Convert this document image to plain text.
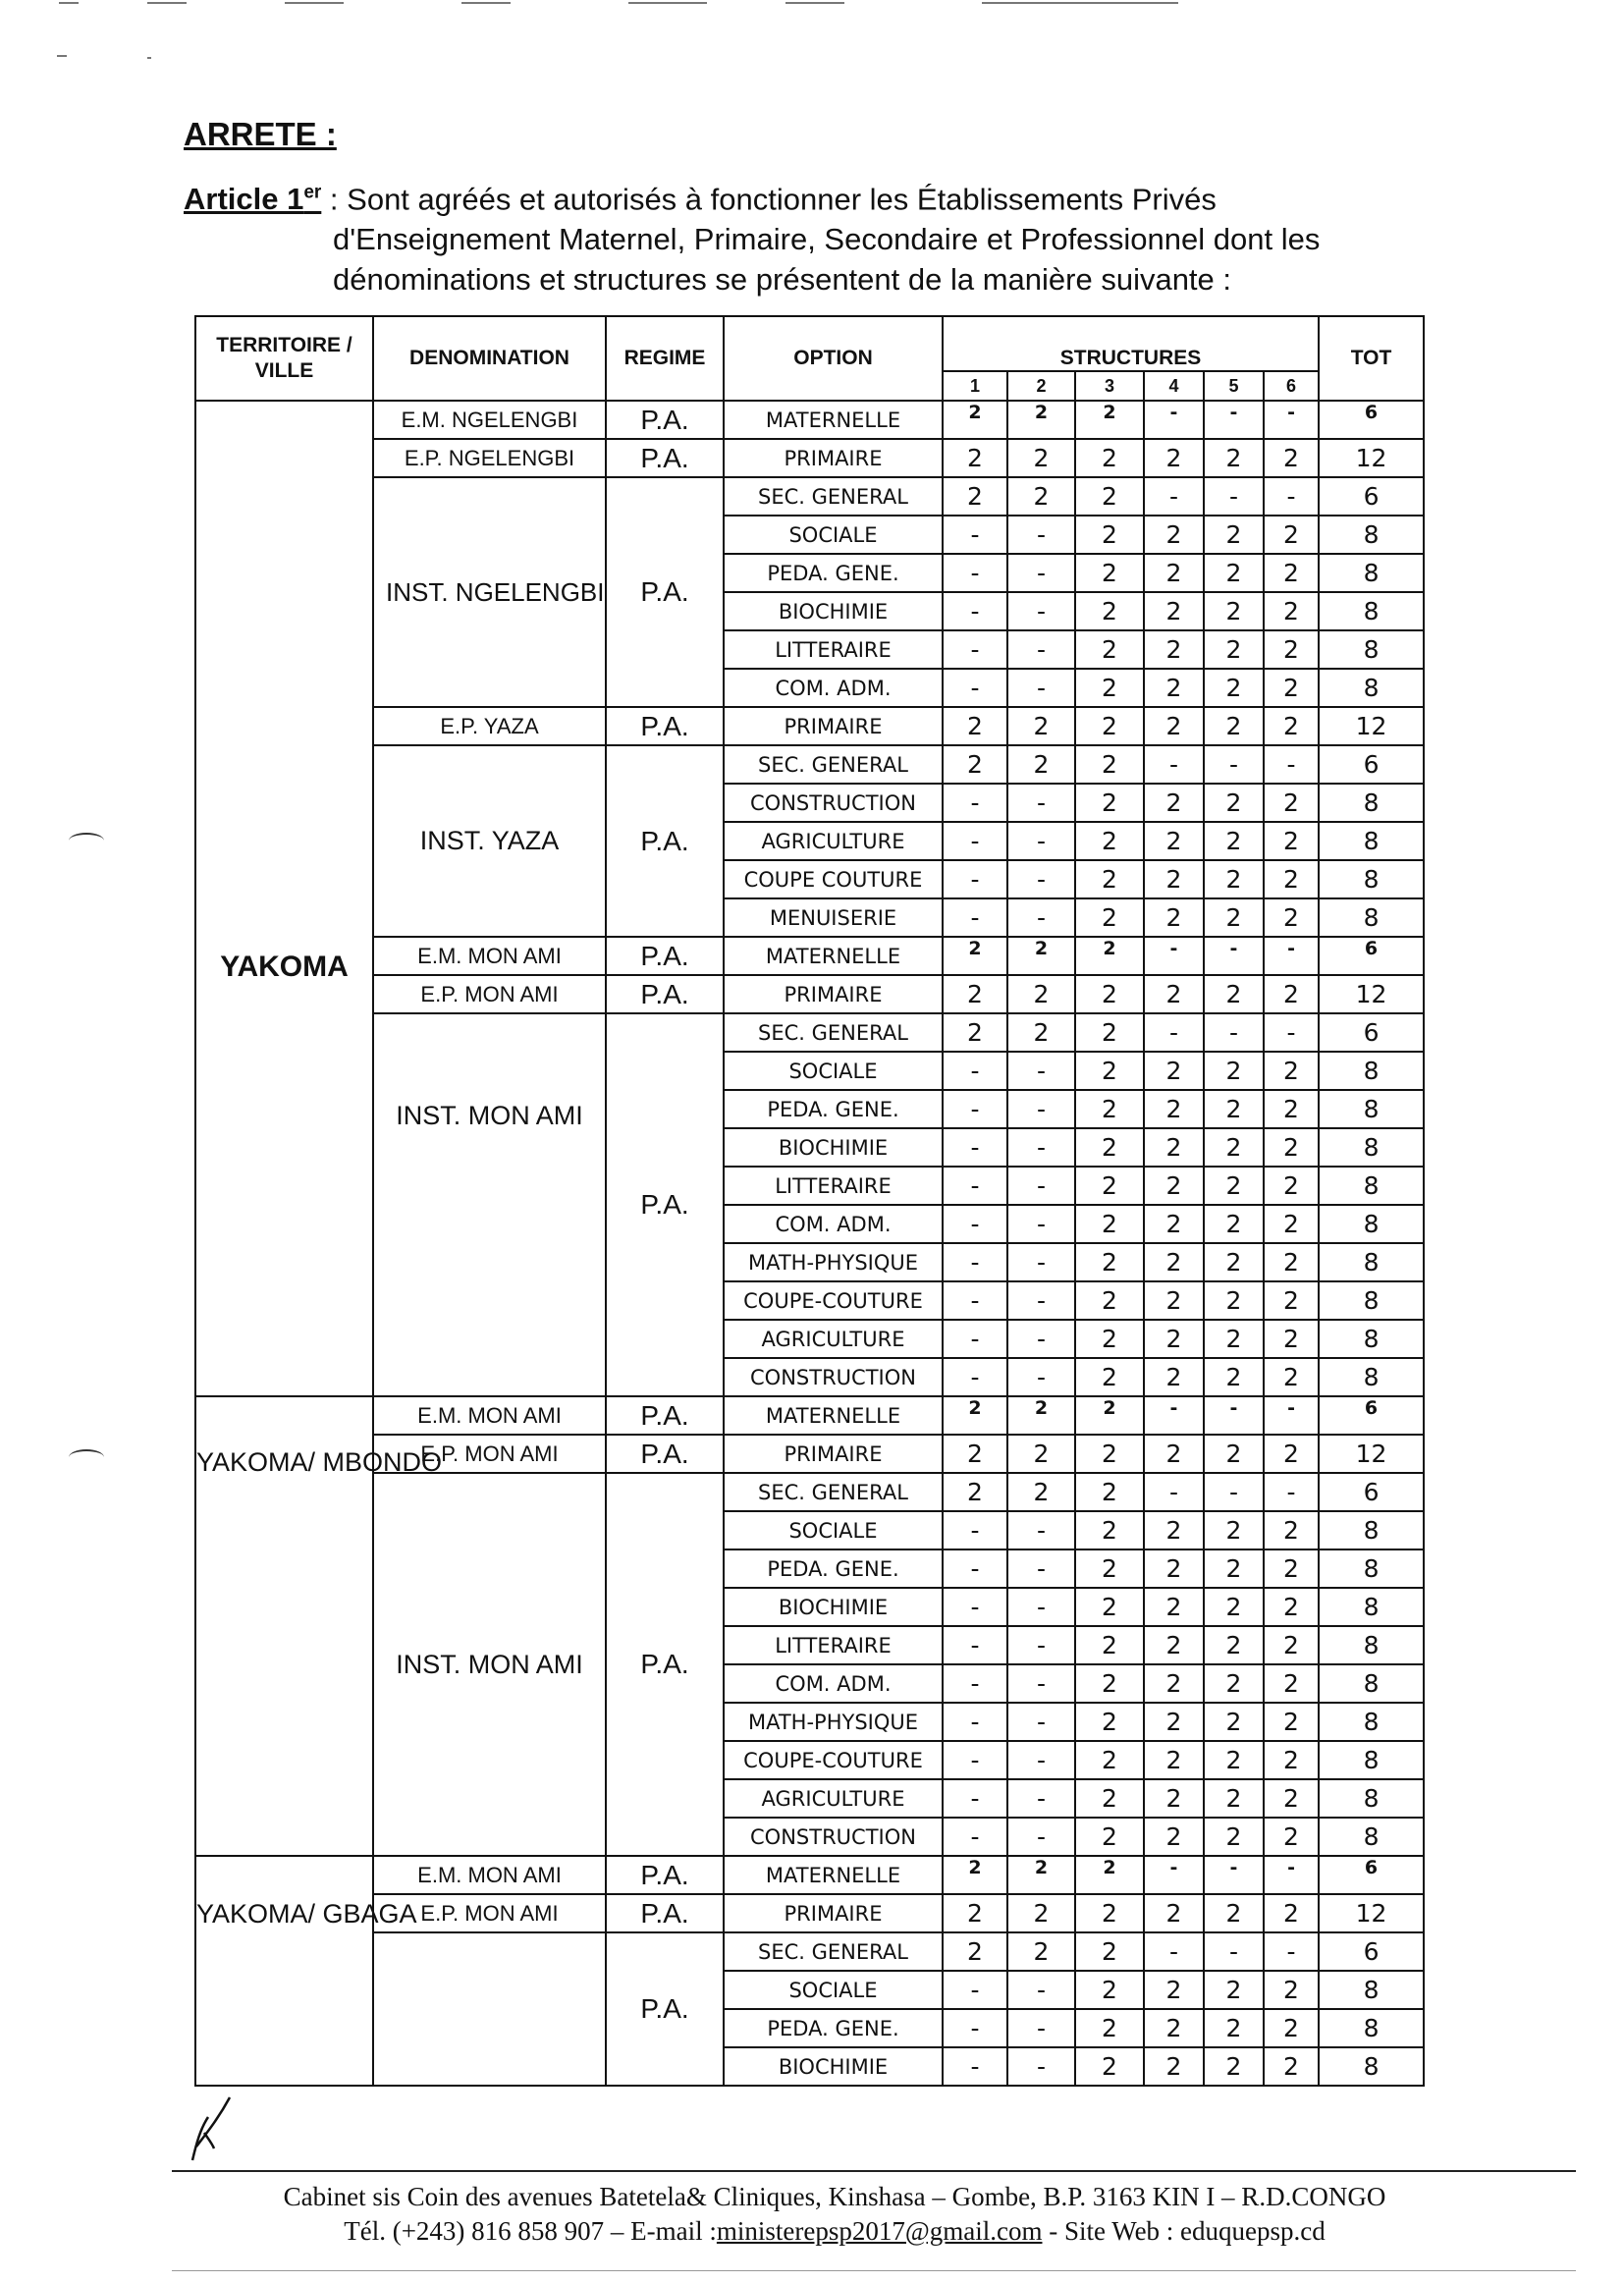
ARRETE :
Article 1er : Sont agréés et autorisés à fonctionner les Établissements Privés
d'Enseignement Maternel, Primaire, Secondaire et Professionnel dont les
dénominations et structures se présentent de la manière suivante :
TERRITOIRE / VILLE	DENOMINATION	REGIME	OPTION	STRUCTURES						TOT
				1	2	3	4	5	6	
YAKOMA	E.M. NGELENGBI	P.A.	MATERNELLE	2	2	2	-	-	-	6
	E.P. NGELENGBI	P.A.	PRIMAIRE	2	2	2	2	2	2	12
	INST. NGELENGBI	P.A.	SEC. GENERAL	2	2	2	-	-	-	6
			SOCIALE	-	-	2	2	2	2	8
			PEDA. GENE.	-	-	2	2	2	2	8
			BIOCHIMIE	-	-	2	2	2	2	8
			LITTERAIRE	-	-	2	2	2	2	8
			COM. ADM.	-	-	2	2	2	2	8
	E.P. YAZA	P.A.	PRIMAIRE	2	2	2	2	2	2	12
	INST. YAZA	P.A.	SEC. GENERAL	2	2	2	-	-	-	6
			CONSTRUCTION	-	-	2	2	2	2	8
			AGRICULTURE	-	-	2	2	2	2	8
			COUPE COUTURE	-	-	2	2	2	2	8
			MENUISERIE	-	-	2	2	2	2	8
	E.M. MON AMI	P.A.	MATERNELLE	2	2	2	-	-	-	6
	E.P. MON AMI	P.A.	PRIMAIRE	2	2	2	2	2	2	12
	INST. MON AMI	P.A.	SEC. GENERAL	2	2	2	-	-	-	6
			SOCIALE	-	-	2	2	2	2	8
			PEDA. GENE.	-	-	2	2	2	2	8
			BIOCHIMIE	-	-	2	2	2	2	8
			LITTERAIRE	-	-	2	2	2	2	8
			COM. ADM.	-	-	2	2	2	2	8
			MATH-PHYSIQUE	-	-	2	2	2	2	8
			COUPE-COUTURE	-	-	2	2	2	2	8
			AGRICULTURE	-	-	2	2	2	2	8
			CONSTRUCTION	-	-	2	2	2	2	8
YAKOMA/ MBONDO	E.M. MON AMI	P.A.	MATERNELLE	2	2	2	-	-	-	6
	E.P. MON AMI	P.A.	PRIMAIRE	2	2	2	2	2	2	12
	INST. MON AMI	P.A.	SEC. GENERAL	2	2	2	-	-	-	6
			SOCIALE	-	-	2	2	2	2	8
			PEDA. GENE.	-	-	2	2	2	2	8
			BIOCHIMIE	-	-	2	2	2	2	8
			LITTERAIRE	-	-	2	2	2	2	8
			COM. ADM.	-	-	2	2	2	2	8
			MATH-PHYSIQUE	-	-	2	2	2	2	8
			COUPE-COUTURE	-	-	2	2	2	2	8
			AGRICULTURE	-	-	2	2	2	2	8
			CONSTRUCTION	-	-	2	2	2	2	8
YAKOMA/ GBAGA	E.M. MON AMI	P.A.	MATERNELLE	2	2	2	-	-	-	6
	E.P. MON AMI	P.A.	PRIMAIRE	2	2	2	2	2	2	12
		P.A.	SEC. GENERAL	2	2	2	-	-	-	6
			SOCIALE	-	-	2	2	2	2	8
			PEDA. GENE.	-	-	2	2	2	2	8
			BIOCHIMIE	-	-	2	2	2	2	8
Cabinet sis Coin des avenues Batetela& Cliniques, Kinshasa – Gombe, B.P. 3163 KIN I – R.D.CONGO
Tél. (+243) 816 858 907 – E-mail :ministerepsp2017@gmail.com - Site Web : eduquepsp.cd
